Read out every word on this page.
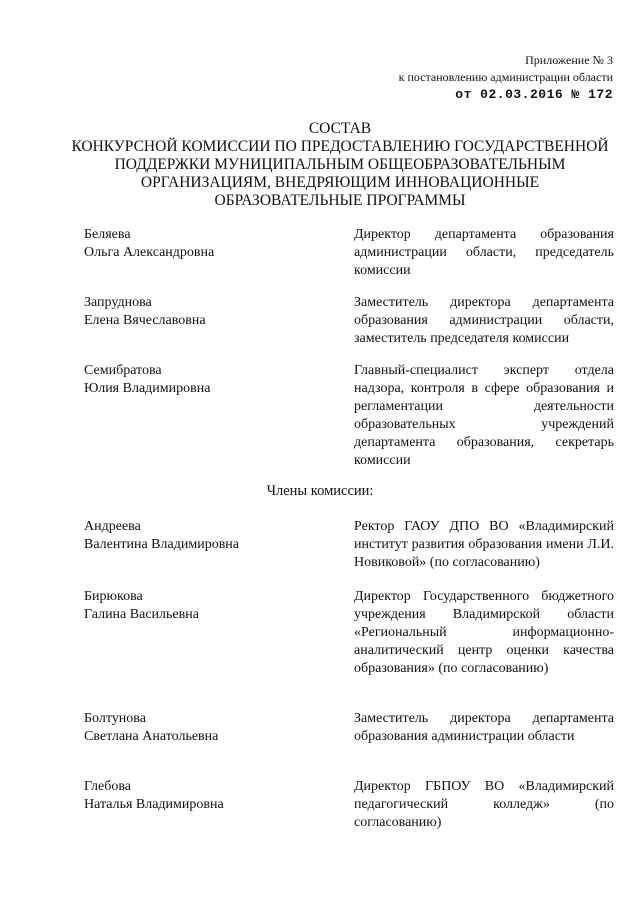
Приложение № 3
к постановлению администрации области
от 02.03.2016 № 172
СОСТАВ
КОНКУРСНОЙ КОМИССИИ ПО ПРЕДОСТАВЛЕНИЮ ГОСУДАРСТВЕННОЙ
ПОДДЕРЖКИ МУНИЦИПАЛЬНЫМ ОБЩЕОБРАЗОВАТЕЛЬНЫМ
ОРГАНИЗАЦИЯМ, ВНЕДРЯЮЩИМ ИННОВАЦИОННЫЕ
ОБРАЗОВАТЕЛЬНЫЕ ПРОГРАММЫ
Беляева
Ольга Александровна
Директор департамента образования администрации области, председатель комиссии
Запруднова
Елена Вячеславовна
Заместитель директора департамента образования администрации области, заместитель председателя комиссии
Семибратова
Юлия Владимировна
Главный-специалист эксперт отдела надзора, контроля в сфере образования и регламентации деятельности образовательных учреждений департамента образования, секретарь комиссии
Члены комиссии:
Андреева
Валентина Владимировна
Ректор ГАОУ ДПО ВО «Владимирский институт развития образования имени Л.И. Новиковой» (по согласованию)
Бирюкова
Галина Васильевна
Директор Государственного бюджетного учреждения Владимирской области «Региональный информационно-аналитический центр оценки качества образования» (по согласованию)
Болтунова
Светлана Анатольевна
Заместитель директора департамента образования администрации области
Глебова
Наталья Владимировна
Директор ГБПОУ ВО «Владимирский педагогический колледж» (по согласованию)
